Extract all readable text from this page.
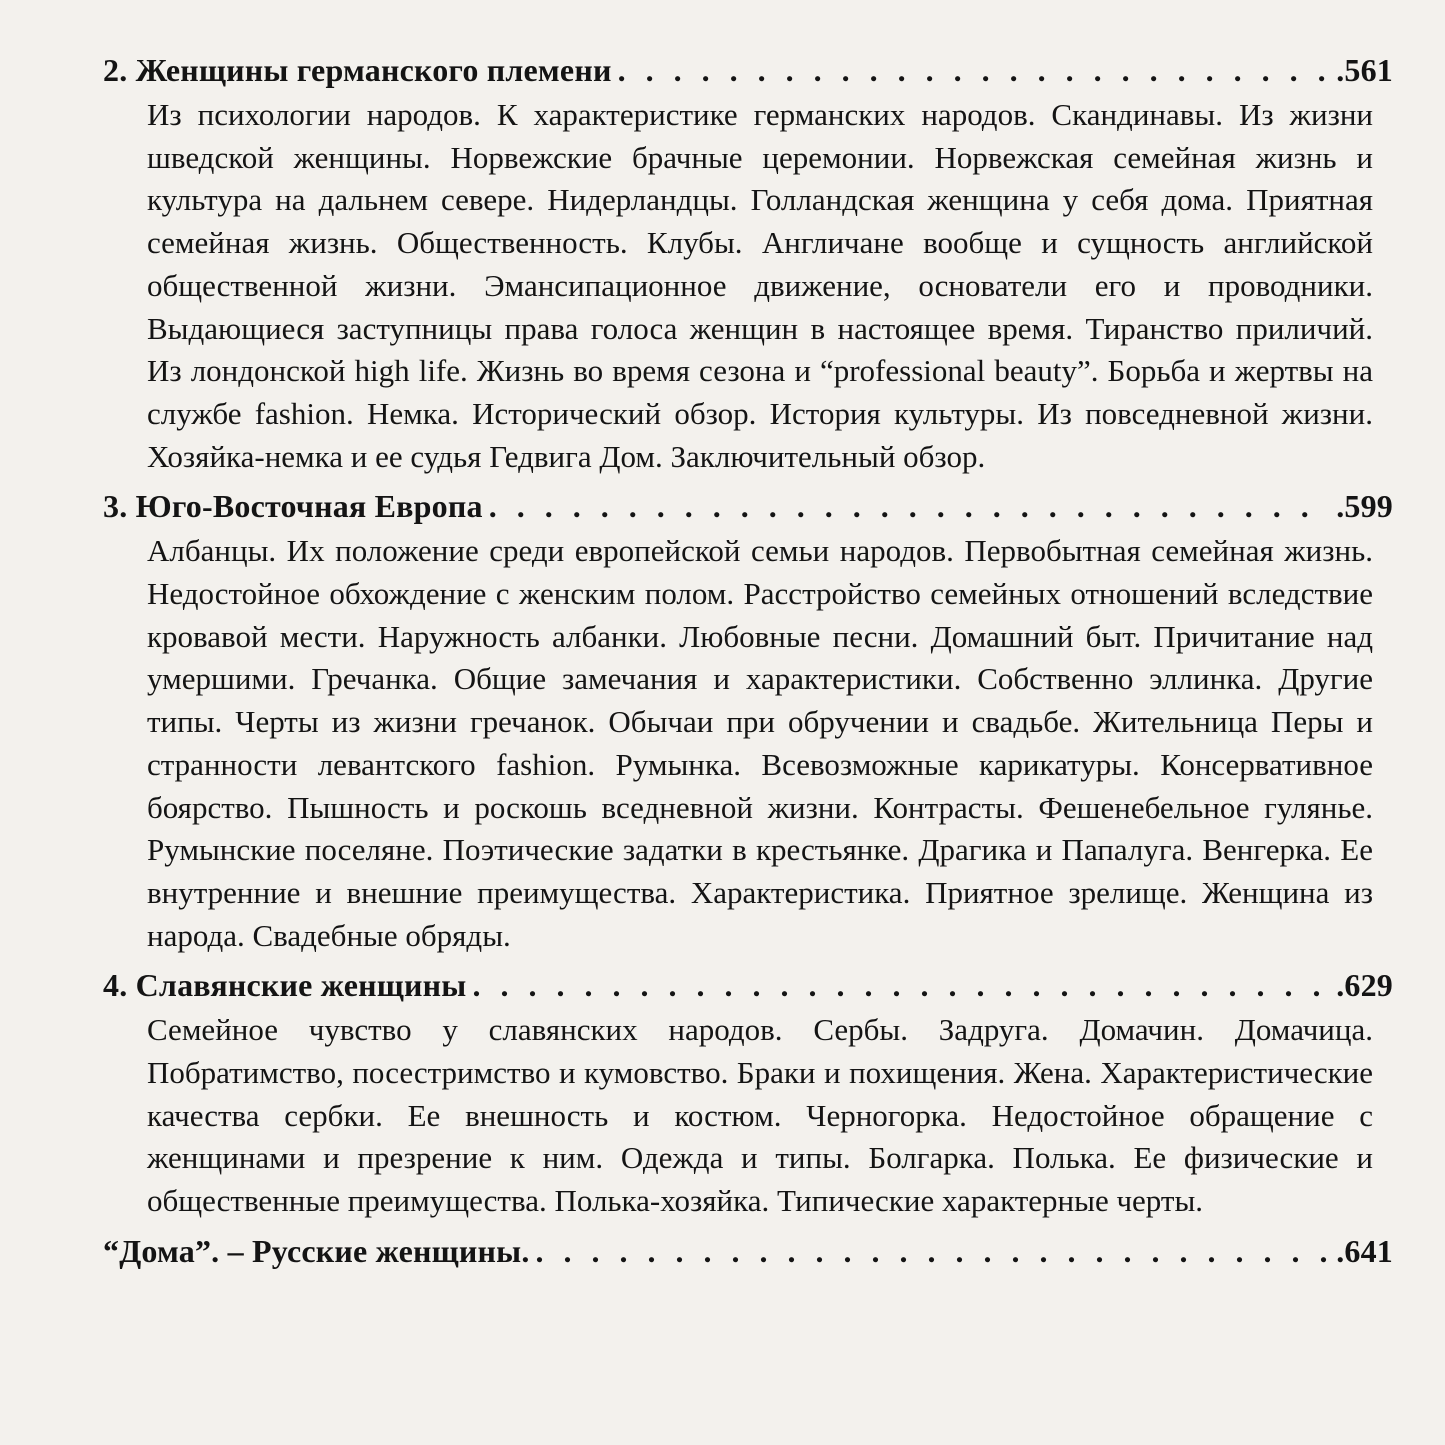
2. Женщины германского племени . . .	.561

Из психологии народов. К характеристике германских народов. Скандинавы. Из жизни шведской женщины. Норвежские брачные церемонии. Норвежская семейная жизнь и культура на дальнем севере. Нидерландцы. Голландская женщина у себя дома. Приятная семейная жизнь. Общественность. Клубы. Англичане вообще и сущность английской общественной жизни. Эмансипационное движение, основатели его и проводники. Выдающиеся заступницы права голоса женщин в настоящее время. Тиранство приличий. Из лондонской high life. Жизнь во время сезона и “professional beauty”. Борьба и жертвы на службе fashion. Немка. Исторический обзор. История культуры. Из повседневной жизни. Хозяйка-немка и ее судья Гедвига Дом. Заключительный обзор.

3. Юго-Восточная Европа . . .	.599

Албанцы. Их положение среди европейской семьи народов. Первобытная семейная жизнь. Недостойное обхождение с женским полом. Расстройство семейных отношений вследствие кровавой мести. Наружность албанки. Любовные песни. Домашний быт. Причитание над умершими. Гречанка. Общие замечания и характеристики. Собственно эллинка. Другие типы. Черты из жизни гречанок. Обычаи при обручении и свадьбе. Жительница Перы и странности левантского fashion. Румынка. Всевозможные карикатуры. Консервативное боярство. Пышность и роскошь вседневной жизни. Контрасты. Фешенебельное гулянье. Румынские поселяне. Поэтические задатки в крестьянке. Драгика и Папалуга. Венгерка. Ее внутренние и внешние преимущества. Характеристика. Приятное зрелище. Женщина из народа. Свадебные обряды.

4. Славянские женщины . . .	.629

Семейное чувство у славянских народов. Сербы. Задруга. Домачин. Домачица. Побратимство, посестримство и кумовство. Браки и похищения. Жена. Характеристические качества сербки. Ее внешность и костюм. Черногорка. Недостойное обращение с женщинами и презрение к ним. Одежда и типы. Болгарка. Полька. Ее физические и общественные преимущества. Полька-хозяйка. Типические характерные черты.

“Дома”. – Русские женщины. . . .	.641
